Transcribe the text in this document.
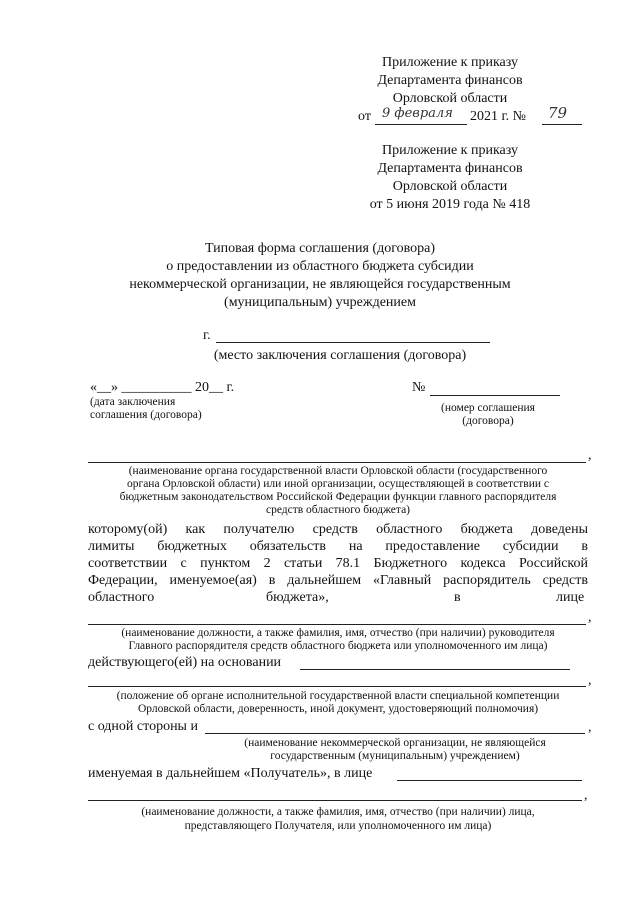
Приложение к приказу
Департамента финансов
Орловской области
от 9 февраля 2021 г. № 79
Приложение к приказу
Департамента финансов
Орловской области
от 5 июня 2019 года № 418
Типовая форма соглашения (договора)
о предоставлении из областного бюджета субсидии
некоммерческой организации, не являющейся государственным
(муниципальным) учреждением
г.
(место заключения соглашения (договора)
«__» __________ 20__ г.
(дата заключения
соглашения (договора)
№
(номер соглашения
(договора)
,
(наименование органа государственной власти Орловской области (государственного
органа Орловской области) или иной организации, осуществляющей в соответствии с
бюджетным законодательством Российской Федерации функции главного распорядителя
средств областного бюджета)
которому(ой) как получателю средств областного бюджета доведены
лимиты бюджетных обязательств на предоставление субсидии в
соответствии с пунктом 2 статьи 78.1 Бюджетного кодекса Российской
Федерации, именуемое(ая) в дальнейшем «Главный распорядитель средств
областного	бюджета»,	в	лице
,
(наименование должности, а также фамилия, имя, отчество (при наличии) руководителя
Главного распорядителя средств областного бюджета или уполномоченного им лица)
действующего(ей) на основании
,
(положение об органе исполнительной государственной власти специальной компетенции
Орловской области, доверенность, иной документ, удостоверяющий полномочия)
с одной стороны и	,
(наименование некоммерческой организации, не являющейся
государственным (муниципальным) учреждением)
именуемая в дальнейшем «Получатель», в лице
,
(наименование должности, а также фамилия, имя, отчество (при наличии) лица,
представляющего Получателя, или уполномоченного им лица)
